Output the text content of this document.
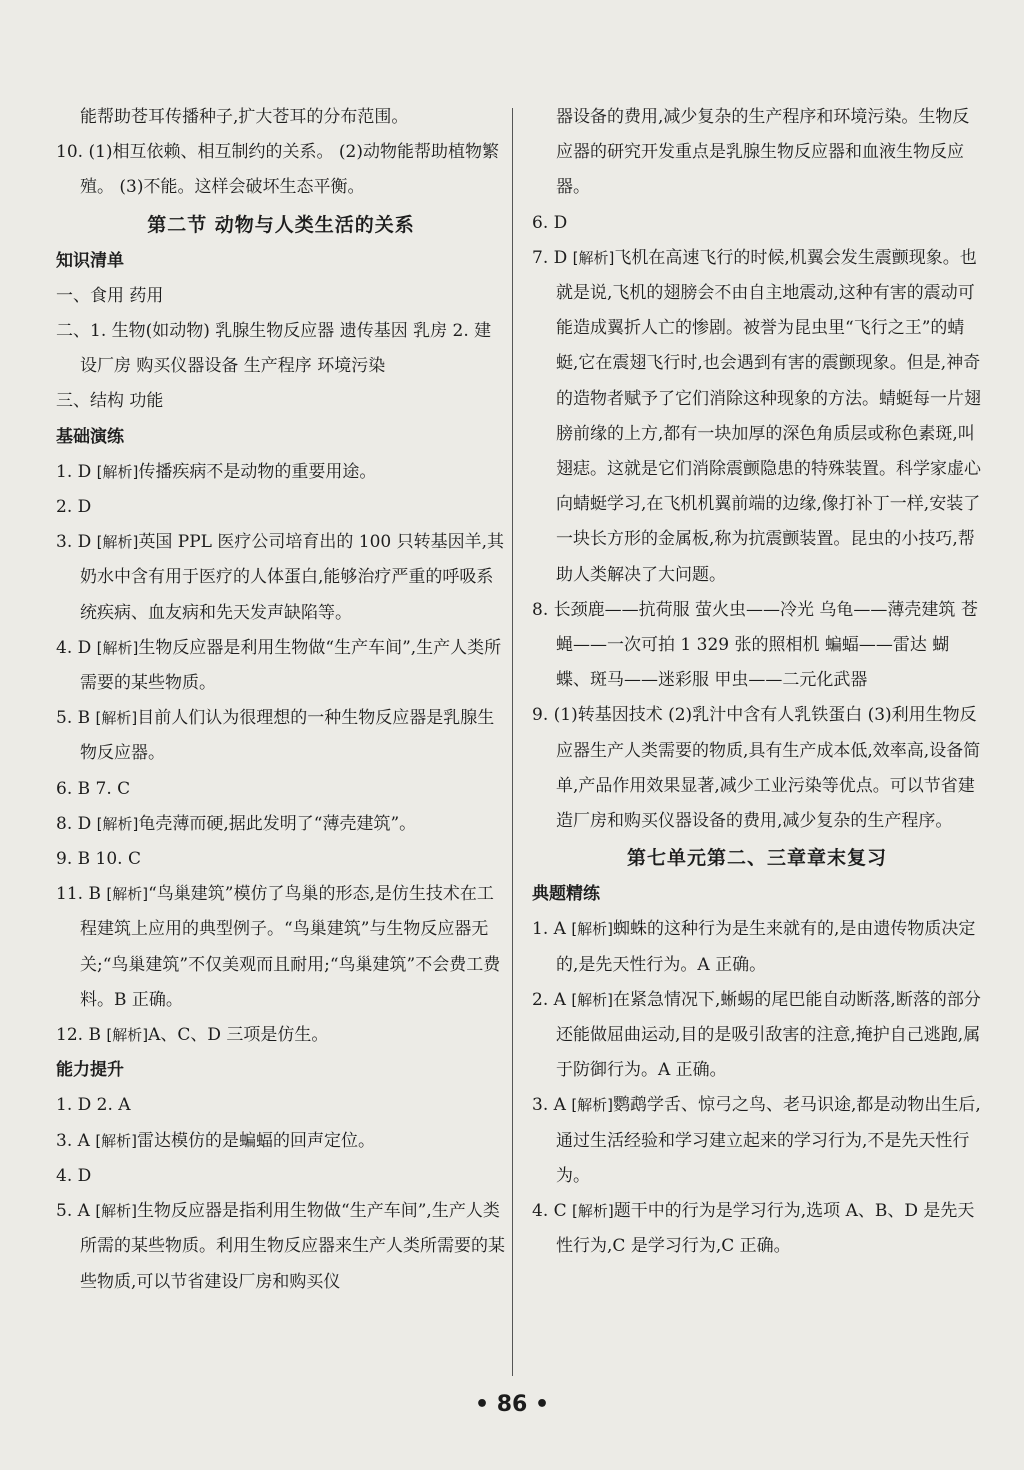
能帮助苍耳传播种子,扩大苍耳的分布范围。

10. (1)相互依赖、相互制约的关系。 (2)动物能帮助植物繁殖。 (3)不能。这样会破坏生态平衡。

第二节 动物与人类生活的关系
知识清单

一、食用 药用

二、1. 生物(如动物) 乳腺生物反应器 遗传基因 乳房 2. 建设厂房 购买仪器设备 生产程序 环境污染

三、结构 功能

基础演练

1. D [解析]传播疾病不是动物的重要用途。

2. D

3. D [解析]英国 PPL 医疗公司培育出的 100 只转基因羊,其奶水中含有用于医疗的人体蛋白,能够治疗严重的呼吸系统疾病、血友病和先天发声缺陷等。

4. D [解析]生物反应器是利用生物做“生产车间”,生产人类所需要的某些物质。

5. B [解析]目前人们认为很理想的一种生物反应器是乳腺生物反应器。

6. B 7. C

8. D [解析]龟壳薄而硬,据此发明了“薄壳建筑”。

9. B 10. C

11. B [解析]“鸟巢建筑”模仿了鸟巢的形态,是仿生技术在工程建筑上应用的典型例子。“鸟巢建筑”与生物反应器无关;“鸟巢建筑”不仅美观而且耐用;“鸟巢建筑”不会费工费料。B 正确。

12. B [解析]A、C、D 三项是仿生。

能力提升

1. D 2. A

3. A [解析]雷达模仿的是蝙蝠的回声定位。

4. D

5. A [解析]生物反应器是指利用生物做“生产车间”,生产人类所需的某些物质。利用生物反应器来生产人类所需要的某些物质,可以节省建设厂房和购买仪

器设备的费用,减少复杂的生产程序和环境污染。生物反应器的研究开发重点是乳腺生物反应器和血液生物反应器。

6. D

7. D [解析]飞机在高速飞行的时候,机翼会发生震颤现象。也就是说,飞机的翅膀会不由自主地震动,这种有害的震动可能造成翼折人亡的惨剧。被誉为昆虫里“飞行之王”的蜻蜓,它在震翅飞行时,也会遇到有害的震颤现象。但是,神奇的造物者赋予了它们消除这种现象的方法。蜻蜓每一片翅膀前缘的上方,都有一块加厚的深色角质层或称色素斑,叫翅痣。这就是它们消除震颤隐患的特殊装置。科学家虚心向蜻蜓学习,在飞机机翼前端的边缘,像打补丁一样,安装了一块长方形的金属板,称为抗震颤装置。昆虫的小技巧,帮助人类解决了大问题。

8. 长颈鹿——抗荷服 萤火虫——冷光 乌龟——薄壳建筑 苍蝇——一次可拍 1 329 张的照相机 蝙蝠——雷达 蝴蝶、斑马——迷彩服 甲虫——二元化武器

9. (1)转基因技术 (2)乳汁中含有人乳铁蛋白 (3)利用生物反应器生产人类需要的物质,具有生产成本低,效率高,设备简单,产品作用效果显著,减少工业污染等优点。可以节省建造厂房和购买仪器设备的费用,减少复杂的生产程序。

第七单元第二、三章章末复习
典题精练

1. A [解析]蜘蛛的这种行为是生来就有的,是由遗传物质决定的,是先天性行为。A 正确。

2. A [解析]在紧急情况下,蜥蜴的尾巴能自动断落,断落的部分还能做屈曲运动,目的是吸引敌害的注意,掩护自己逃跑,属于防御行为。A 正确。

3. A [解析]鹦鹉学舌、惊弓之鸟、老马识途,都是动物出生后,通过生活经验和学习建立起来的学习行为,不是先天性行为。

4. C [解析]题干中的行为是学习行为,选项 A、B、D 是先天性行为,C 是学习行为,C 正确。

• 86 •
